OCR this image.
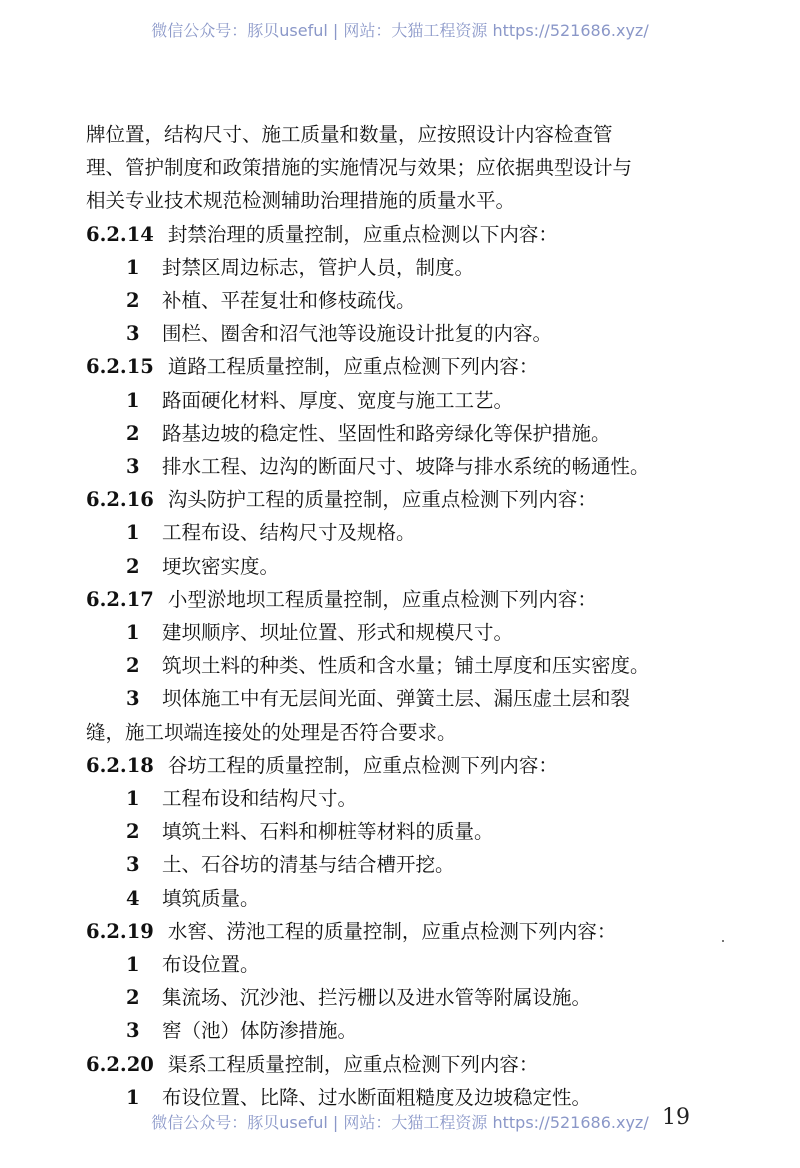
微信公众号：豚贝useful | 网站：大猫工程资源 https://521686.xyz/

牌位置，结构尺寸、施工质量和数量，应按照设计内容检查管

理、管护制度和政策措施的实施情况与效果；应依据典型设计与

相关专业技术规范检测辅助治理措施的质量水平。

6.2.14 封禁治理的质量控制，应重点检测以下内容：

1 封禁区周边标志，管护人员，制度。

2 补植、平茬复壮和修枝疏伐。

3 围栏、圈舍和沼气池等设施设计批复的内容。

6.2.15 道路工程质量控制，应重点检测下列内容：

1 路面硬化材料、厚度、宽度与施工工艺。

2 路基边坡的稳定性、坚固性和路旁绿化等保护措施。

3 排水工程、边沟的断面尺寸、坡降与排水系统的畅通性。

6.2.16 沟头防护工程的质量控制，应重点检测下列内容：

1 工程布设、结构尺寸及规格。

2 埂坎密实度。

6.2.17 小型淤地坝工程质量控制，应重点检测下列内容：

1 建坝顺序、坝址位置、形式和规模尺寸。

2 筑坝土料的种类、性质和含水量；铺土厚度和压实密度。

3 坝体施工中有无层间光面、弹簧土层、漏压虚土层和裂

缝，施工坝端连接处的处理是否符合要求。

6.2.18 谷坊工程的质量控制，应重点检测下列内容：

1 工程布设和结构尺寸。

2 填筑土料、石料和柳桩等材料的质量。

3 土、石谷坊的清基与结合槽开挖。

4 填筑质量。

6.2.19 水窖、涝池工程的质量控制，应重点检测下列内容：

1 布设位置。

2 集流场、沉沙池、拦污栅以及进水管等附属设施。

3 窖（池）体防渗措施。

6.2.20 渠系工程质量控制，应重点检测下列内容：

1 布设位置、比降、过水断面粗糙度及边坡稳定性。

微信公众号：豚贝useful | 网站：大猫工程资源 https://521686.xyz/ 19
